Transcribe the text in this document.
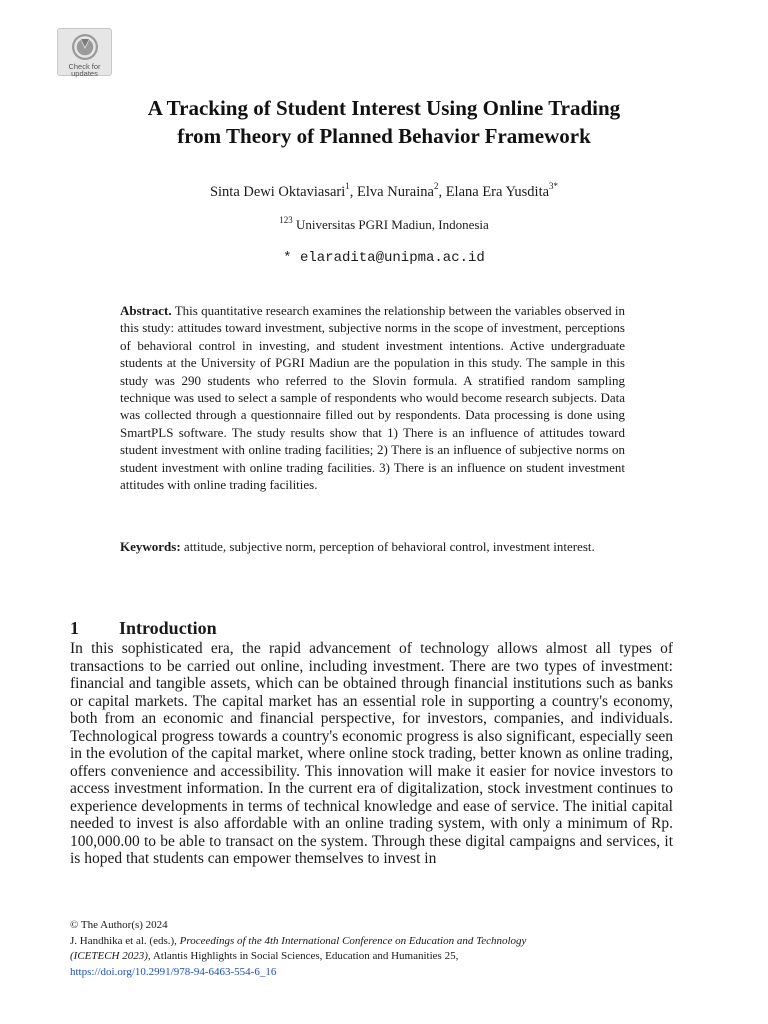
Check for
updates
A Tracking of Student Interest Using Online Trading
from Theory of Planned Behavior Framework
Sinta Dewi Oktaviasari$^1$, Elva Nuraina$^2$, Elana Era Yusdita$^{3*}$
$^{123}$ Universitas PGRI Madiun, Indonesia
* elaradita@unipma.ac.id
Abstract. This quantitative research examines the relationship between the variables observed in this study: attitudes toward investment, subjective norms in the scope of investment, perceptions of behavioral control in investing, and student investment intentions. Active undergraduate students at the University of PGRI Madiun are the population in this study. The sample in this study was 290 students who referred to the Slovin formula. A stratified random sampling technique was used to select a sample of respondents who would become research subjects. Data was collected through a questionnaire filled out by respondents. Data processing is done using SmartPLS software. The study results show that 1) There is an influence of attitudes toward student investment with online trading facilities; 2) There is an influence of subjective norms on student investment with online trading facilities. 3) There is an influence on student investment attitudes with online trading facilities.
Keywords: attitude, subjective norm, perception of behavioral control, investment interest.
1 Introduction
In this sophisticated era, the rapid advancement of technology allows almost all types of transactions to be carried out online, including investment. There are two types of investment: financial and tangible assets, which can be obtained through financial institutions such as banks or capital markets. The capital market has an essential role in supporting a country's economy, both from an economic and financial perspective, for investors, companies, and individuals. Technological progress towards a country's economic progress is also significant, especially seen in the evolution of the capital market, where online stock trading, better known as online trading, offers convenience and accessibility. This innovation will make it easier for novice investors to access investment information. In the current era of digitalization, stock investment continues to experience developments in terms of technical knowledge and ease of service. The initial capital needed to invest is also affordable with an online trading system, with only a minimum of Rp. 100,000.00 to be able to transact on the system. Through these digital campaigns and services, it is hoped that students can empower themselves to invest in
© The Author(s) 2024
J. Handhika et al. (eds.), Proceedings of the 4th International Conference on Education and Technology
(ICETECH 2023), Atlantis Highlights in Social Sciences, Education and Humanities 25,
https://doi.org/10.2991/978-94-6463-554-6_16
